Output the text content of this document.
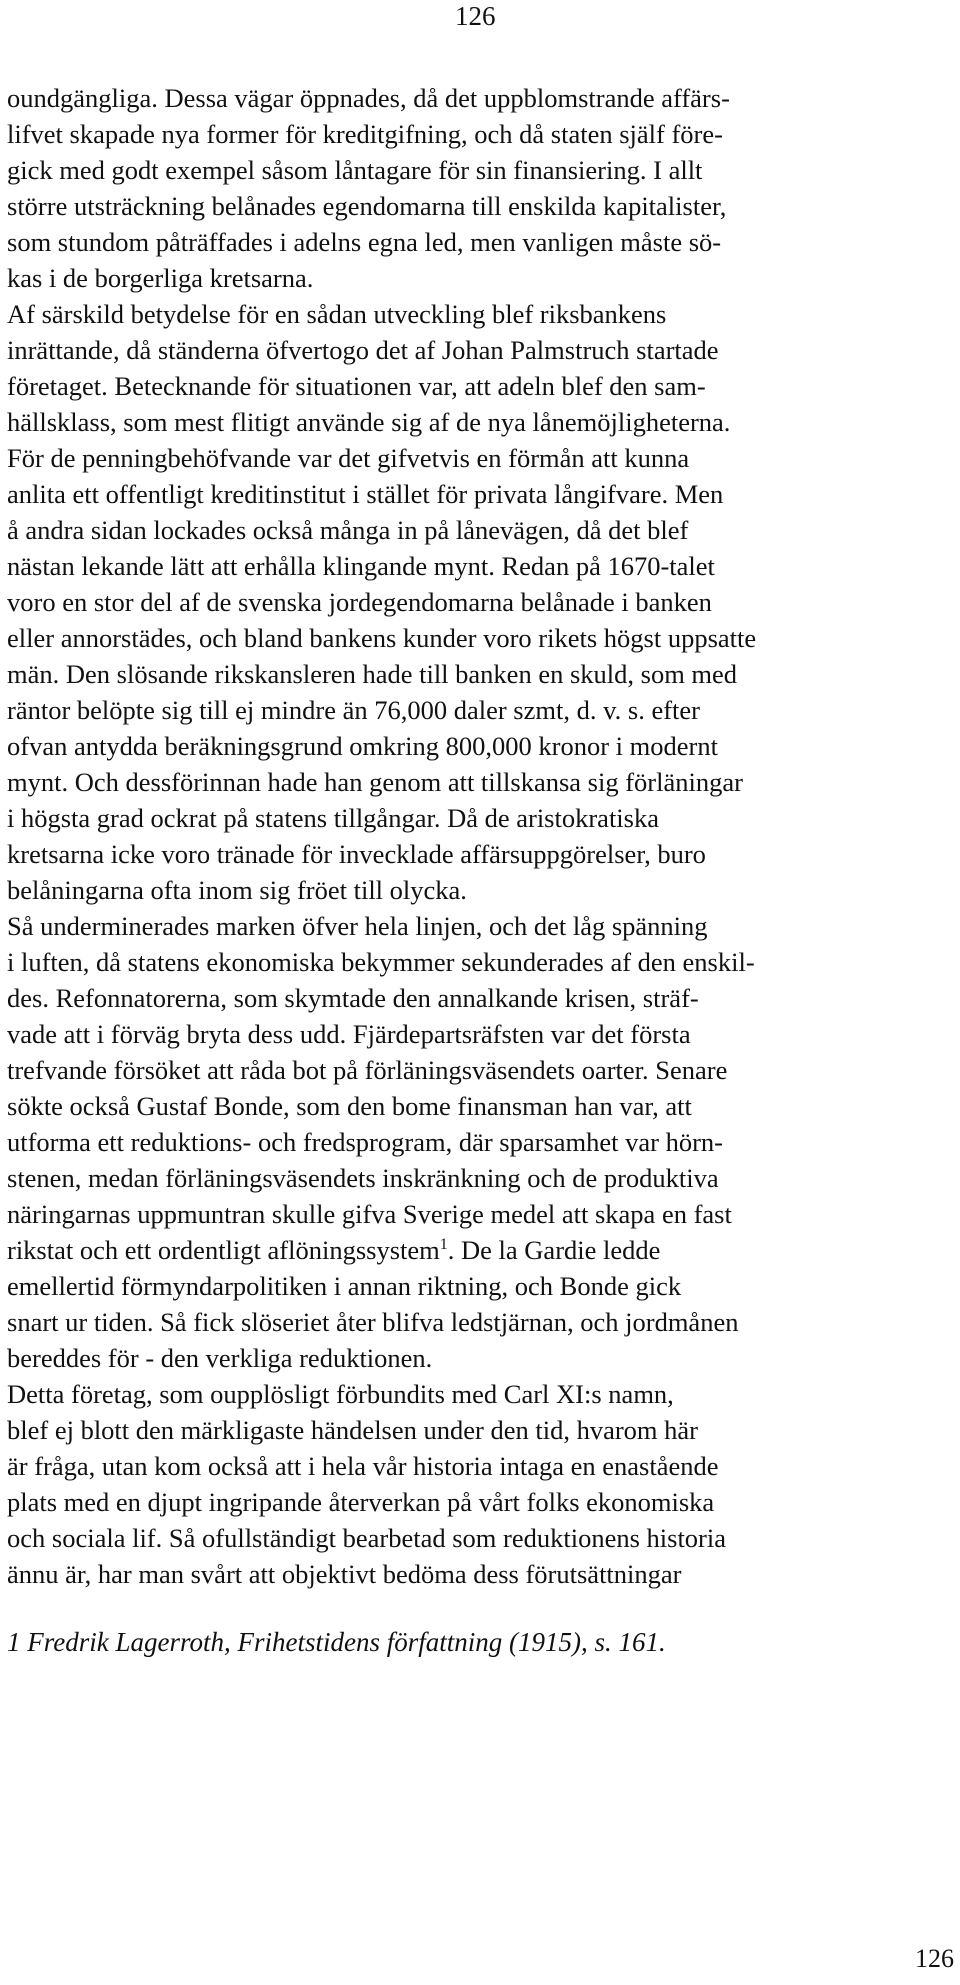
126
oundgängliga. Dessa vägar öppnades, då det uppblomstrande affärs-
lifvet skapade nya former för kreditgifning, och då staten själf före-
gick med godt exempel såsom låntagare för sin finansiering. I allt
större utsträckning belånades egendomarna till enskilda kapitalister,
som stundom påträffades i adelns egna led, men vanligen måste sö-
kas i de borgerliga kretsarna.
Af särskild betydelse för en sådan utveckling blef riksbankens
inrättande, då ständerna öfvertogo det af Johan Palmstruch startade
företaget. Betecknande för situationen var, att adeln blef den sam-
hällsklass, som mest flitigt använde sig af de nya lånemöjligheterna.
För de penningbehöfvande var det gifvetvis en förmån att kunna
anlita ett offentligt kreditinstitut i stället för privata långifvare. Men
å andra sidan lockades också många in på lånevägen, då det blef
nästan lekande lätt att erhålla klingande mynt. Redan på 1670-talet
voro en stor del af de svenska jordegendomarna belånade i banken
eller annorstädes, och bland bankens kunder voro rikets högst uppsatte
män. Den slösande rikskansleren hade till banken en skuld, som med
räntor belöpte sig till ej mindre än 76,000 daler szmt, d. v. s. efter
ofvan antydda beräkningsgrund omkring 800,000 kronor i modernt
mynt. Och dessförinnan hade han genom att tillskansa sig förläningar
i högsta grad ockrat på statens tillgångar. Då de aristokratiska
kretsarna icke voro tränade för invecklade affärsuppgörelser, buro
belåningarna ofta inom sig fröet till olycka.
Så underminerades marken öfver hela linjen, och det låg spänning
i luften, då statens ekonomiska bekymmer sekunderades af den enskil-
des. Refonnatorerna, som skymtade den annalkande krisen, sträf-
vade att i förväg bryta dess udd. Fjärdepartsräfsten var det första
trefvande försöket att råda bot på förläningsväsendets oarter. Senare
sökte också Gustaf Bonde, som den bome finansman han var, att
utforma ett reduktions- och fredsprogram, där sparsamhet var hörn-
stenen, medan förläningsväsendets inskränkning och de produktiva
näringarnas uppmuntran skulle gifva Sverige medel att skapa en fast
rikstat och ett ordentligt aflöningssystem$^1$. De la Gardie ledde
emellertid förmyndarpolitiken i annan riktning, och Bonde gick
snart ur tiden. Så fick slöseriet åter blifva ledstjärnan, och jordmånen
bereddes för - den verkliga reduktionen.
Detta företag, som oupplösligt förbundits med Carl XI:s namn,
blef ej blott den märkligaste händelsen under den tid, hvarom här
är fråga, utan kom också att i hela vår historia intaga en enastående
plats med en djupt ingripande återverkan på vårt folks ekonomiska
och sociala lif. Så ofullständigt bearbetad som reduktionens historia
ännu är, har man svårt att objektivt bedöma dess förutsättningar
1 Fredrik Lagerroth, Frihetstidens författning (1915), s. 161.
126
